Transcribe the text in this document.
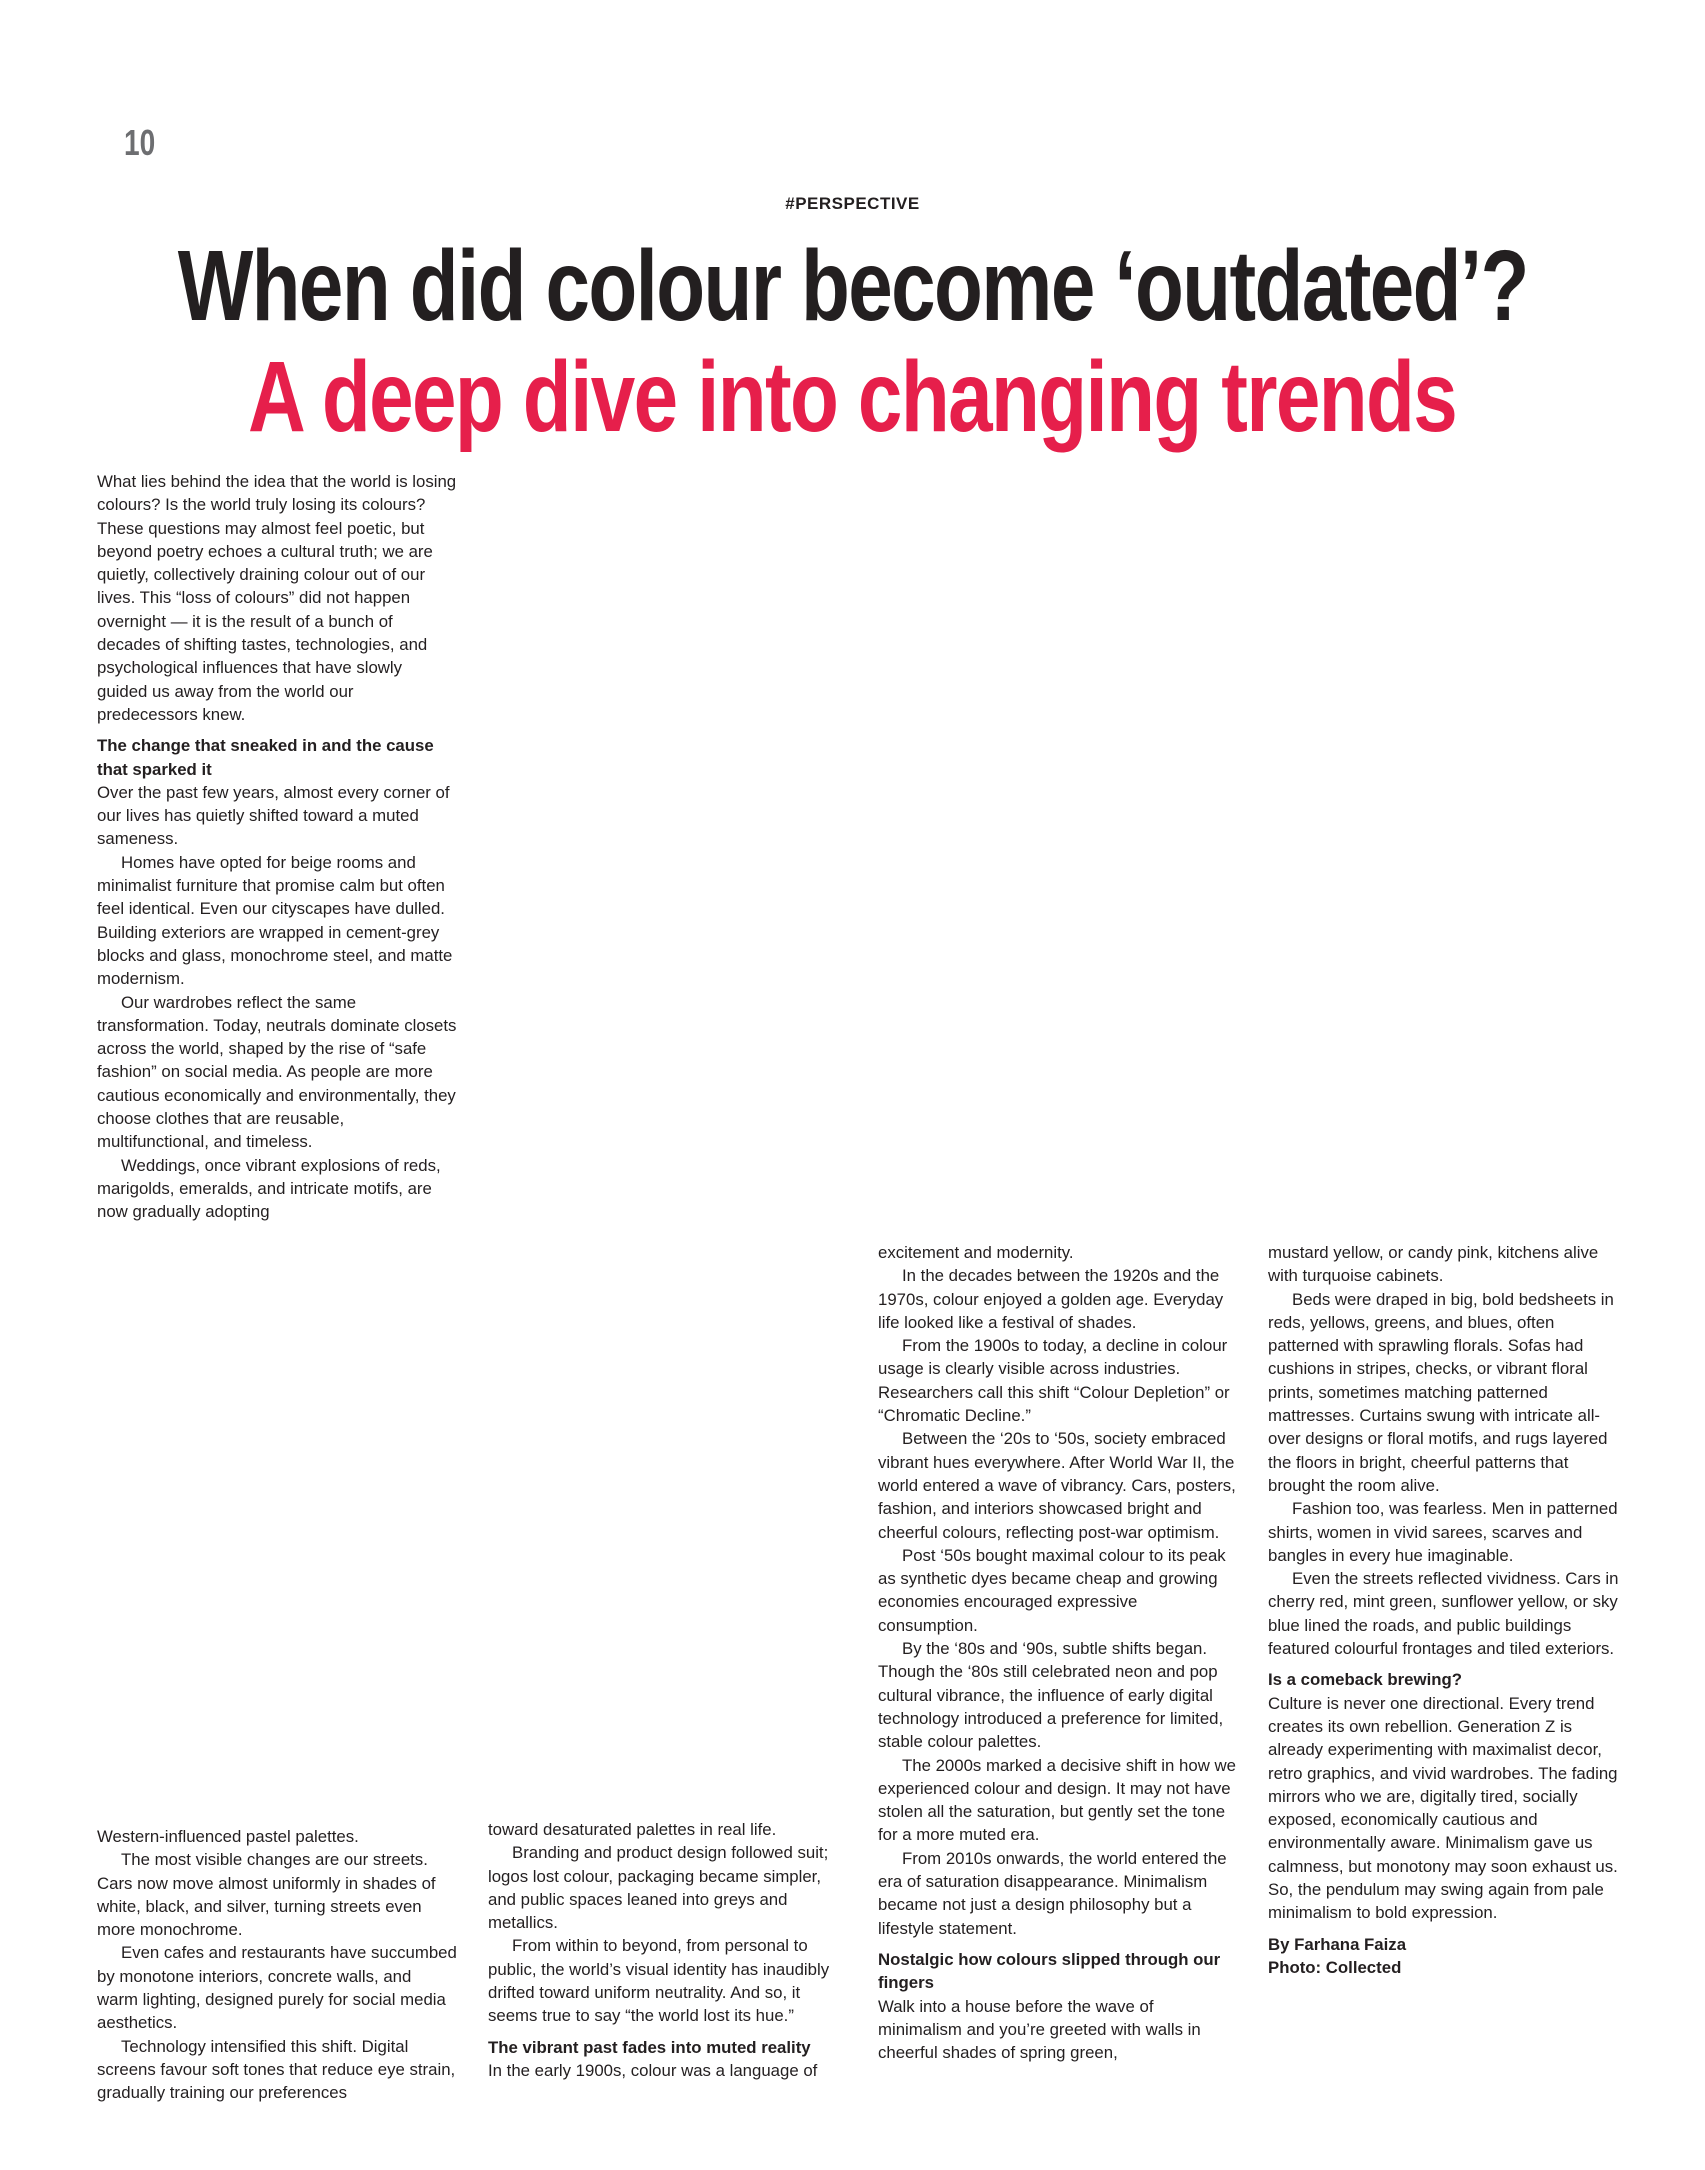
10
#PERSPECTIVE
When did colour become ‘outdated’?
A deep dive into changing trends

What lies behind the idea that the world is losing colours? Is the world truly losing its colours? These questions may almost feel poetic, but beyond poetry echoes a cultural truth; we are quietly, collectively draining colour out of our lives. This “loss of colours” did not happen overnight — it is the result of a bunch of decades of shifting tastes, technologies, and psychological influences that have slowly guided us away from the world our predecessors knew.

The change that sneaked in and the cause that sparked it

Over the past few years, almost every corner of our lives has quietly shifted toward a muted sameness.

Homes have opted for beige rooms and minimalist furniture that promise calm but often feel identical. Even our cityscapes have dulled. Building exteriors are wrapped in cement-grey blocks and glass, monochrome steel, and matte modernism.

Our wardrobes reflect the same transformation. Today, neutrals dominate closets across the world, shaped by the rise of “safe fashion” on social media. As people are more cautious economically and environmentally, they choose clothes that are reusable, multifunctional, and timeless.

Weddings, once vibrant explosions of reds, marigolds, emeralds, and intricate motifs, are now gradually adopting

Western-influenced pastel palettes.

The most visible changes are our streets. Cars now move almost uniformly in shades of white, black, and silver, turning streets even more monochrome.

Even cafes and restaurants have succumbed by monotone interiors, concrete walls, and warm lighting, designed purely for social media aesthetics.

Technology intensified this shift. Digital screens favour soft tones that reduce eye strain, gradually training our preferences

toward desaturated palettes in real life.

Branding and product design followed suit; logos lost colour, packaging became simpler, and public spaces leaned into greys and metallics.

From within to beyond, from personal to public, the world’s visual identity has inaudibly drifted toward uniform neutrality. And so, it seems true to say “the world lost its hue.”

The vibrant past fades into muted reality

In the early 1900s, colour was a language of

excitement and modernity.

In the decades between the 1920s and the 1970s, colour enjoyed a golden age. Everyday life looked like a festival of shades.

From the 1900s to today, a decline in colour usage is clearly visible across industries. Researchers call this shift “Colour Depletion” or “Chromatic Decline.”

Between the ‘20s to ‘50s, society embraced vibrant hues everywhere. After World War II, the world entered a wave of vibrancy. Cars, posters, fashion, and interiors showcased bright and cheerful colours, reflecting post-war optimism.

Post ‘50s bought maximal colour to its peak as synthetic dyes became cheap and growing economies encouraged expressive consumption.

By the ‘80s and ‘90s, subtle shifts began. Though the ‘80s still celebrated neon and pop cultural vibrance, the influence of early digital technology introduced a preference for limited, stable colour palettes.

The 2000s marked a decisive shift in how we experienced colour and design. It may not have stolen all the saturation, but gently set the tone for a more muted era.

From 2010s onwards, the world entered the era of saturation disappearance. Minimalism became not just a design philosophy but a lifestyle statement.

Nostalgic how colours slipped through our fingers

Walk into a house before the wave of minimalism and you’re greeted with walls in cheerful shades of spring green,

mustard yellow, or candy pink, kitchens alive with turquoise cabinets.

Beds were draped in big, bold bedsheets in reds, yellows, greens, and blues, often patterned with sprawling florals. Sofas had cushions in stripes, checks, or vibrant floral prints, sometimes matching patterned mattresses. Curtains swung with intricate all-over designs or floral motifs, and rugs layered the floors in bright, cheerful patterns that brought the room alive.

Fashion too, was fearless. Men in patterned shirts, women in vivid sarees, scarves and bangles in every hue imaginable.

Even the streets reflected vividness. Cars in cherry red, mint green, sunflower yellow, or sky blue lined the roads, and public buildings featured colourful frontages and tiled exteriors.

Is a comeback brewing?

Culture is never one directional. Every trend creates its own rebellion. Generation Z is already experimenting with maximalist decor, retro graphics, and vivid wardrobes. The fading mirrors who we are, digitally tired, socially exposed, economically cautious and environmentally aware. Minimalism gave us calmness, but monotony may soon exhaust us. So, the pendulum may swing again from pale minimalism to bold expression.

By Farhana Faiza

Photo: Collected
